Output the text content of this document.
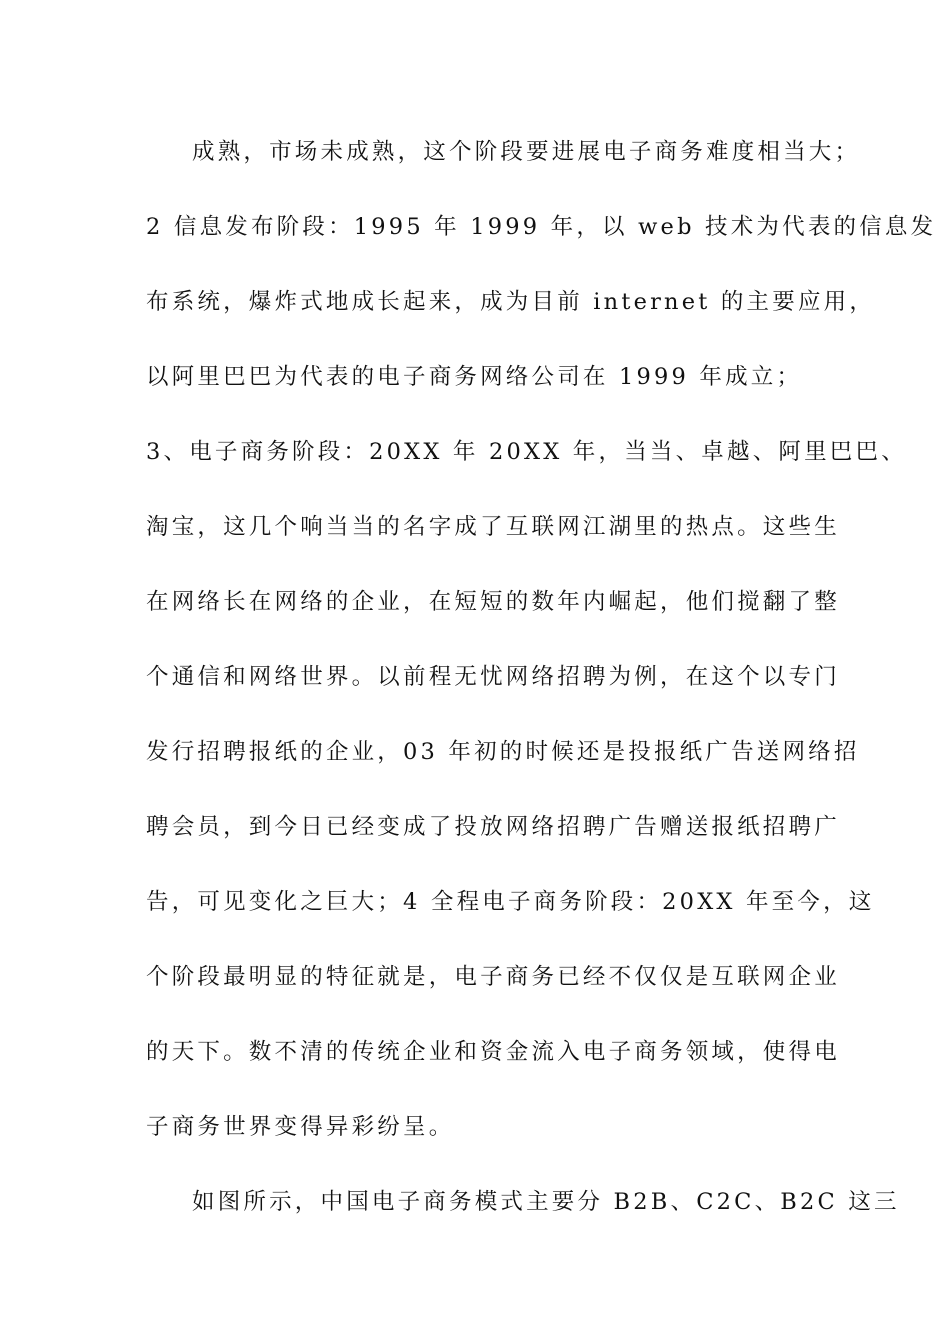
成熟，市场未成熟，这个阶段要进展电子商务难度相当大；
2 信息发布阶段：1995 年 1999 年，以 web 技术为代表的信息发
布系统，爆炸式地成长起来，成为目前 internet 的主要应用，
以阿里巴巴为代表的电子商务网络公司在 1999 年成立；
3、电子商务阶段：20XX 年 20XX 年，当当、卓越、阿里巴巴、
淘宝，这几个响当当的名字成了互联网江湖里的热点。这些生
在网络长在网络的企业，在短短的数年内崛起，他们搅翻了整
个通信和网络世界。以前程无忧网络招聘为例，在这个以专门
发行招聘报纸的企业，03 年初的时候还是投报纸广告送网络招
聘会员，到今日已经变成了投放网络招聘广告赠送报纸招聘广
告，可见变化之巨大；4 全程电子商务阶段：20XX 年至今，这
个阶段最明显的特征就是，电子商务已经不仅仅是互联网企业
的天下。数不清的传统企业和资金流入电子商务领域，使得电
子商务世界变得异彩纷呈。
如图所示，中国电子商务模式主要分 B2B、C2C、B2C 这三
